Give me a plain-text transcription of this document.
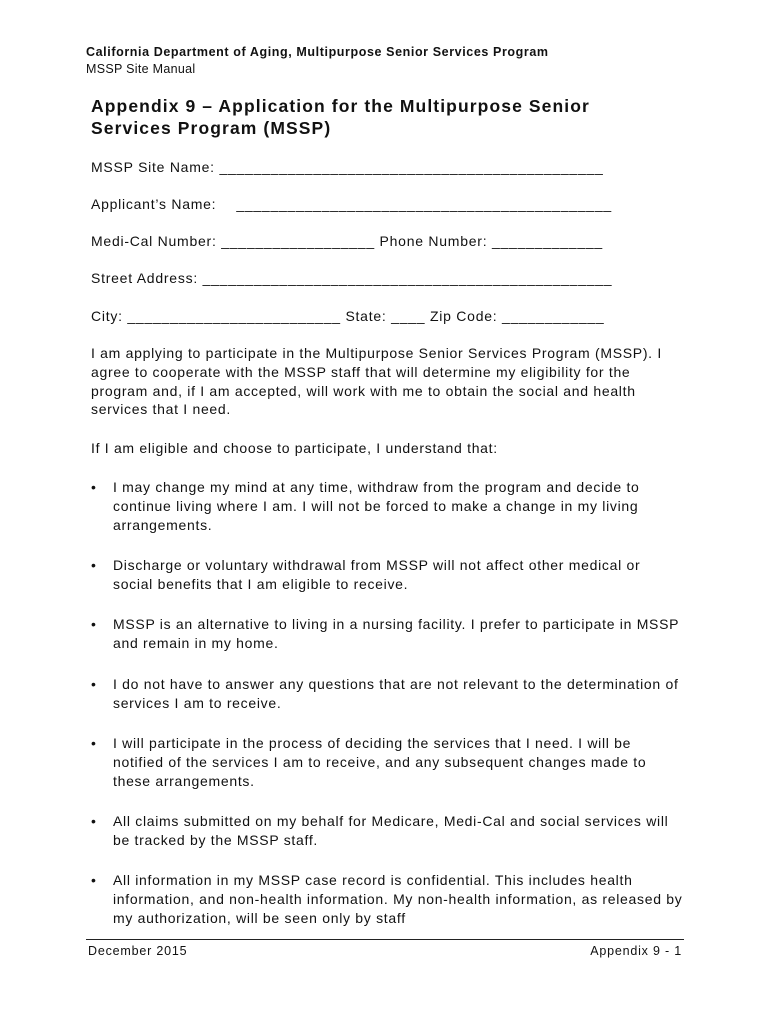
California Department of Aging, Multipurpose Senior Services Program
MSSP Site Manual
Appendix 9 – Application for the Multipurpose Senior Services Program (MSSP)
MSSP Site Name: _____________________________________________
Applicant’s Name: ____________________________________________
Medi-Cal Number: __________________ Phone Number: _____________
Street Address: ________________________________________________
City: _________________________ State: ____ Zip Code: ____________

I am applying to participate in the Multipurpose Senior Services Program (MSSP). I agree to cooperate with the MSSP staff that will determine my eligibility for the program and, if I am accepted, will work with me to obtain the social and health services that I need.

If I am eligible and choose to participate, I understand that:

•	I may change my mind at any time, withdraw from the program and decide to continue living where I am. I will not be forced to make a change in my living arrangements.
•	Discharge or voluntary withdrawal from MSSP will not affect other medical or social benefits that I am eligible to receive.
•	MSSP is an alternative to living in a nursing facility. I prefer to participate in MSSP and remain in my home.
•	I do not have to answer any questions that are not relevant to the determination of services I am to receive.
•	I will participate in the process of deciding the services that I need. I will be notified of the services I am to receive, and any subsequent changes made to these arrangements.
•	All claims submitted on my behalf for Medicare, Medi-Cal and social services will be tracked by the MSSP staff.
•	All information in my MSSP case record is confidential. This includes health information, and non-health information. My non-health information, as released by my authorization, will be seen only by staff
December 2015	Appendix 9 - 1
